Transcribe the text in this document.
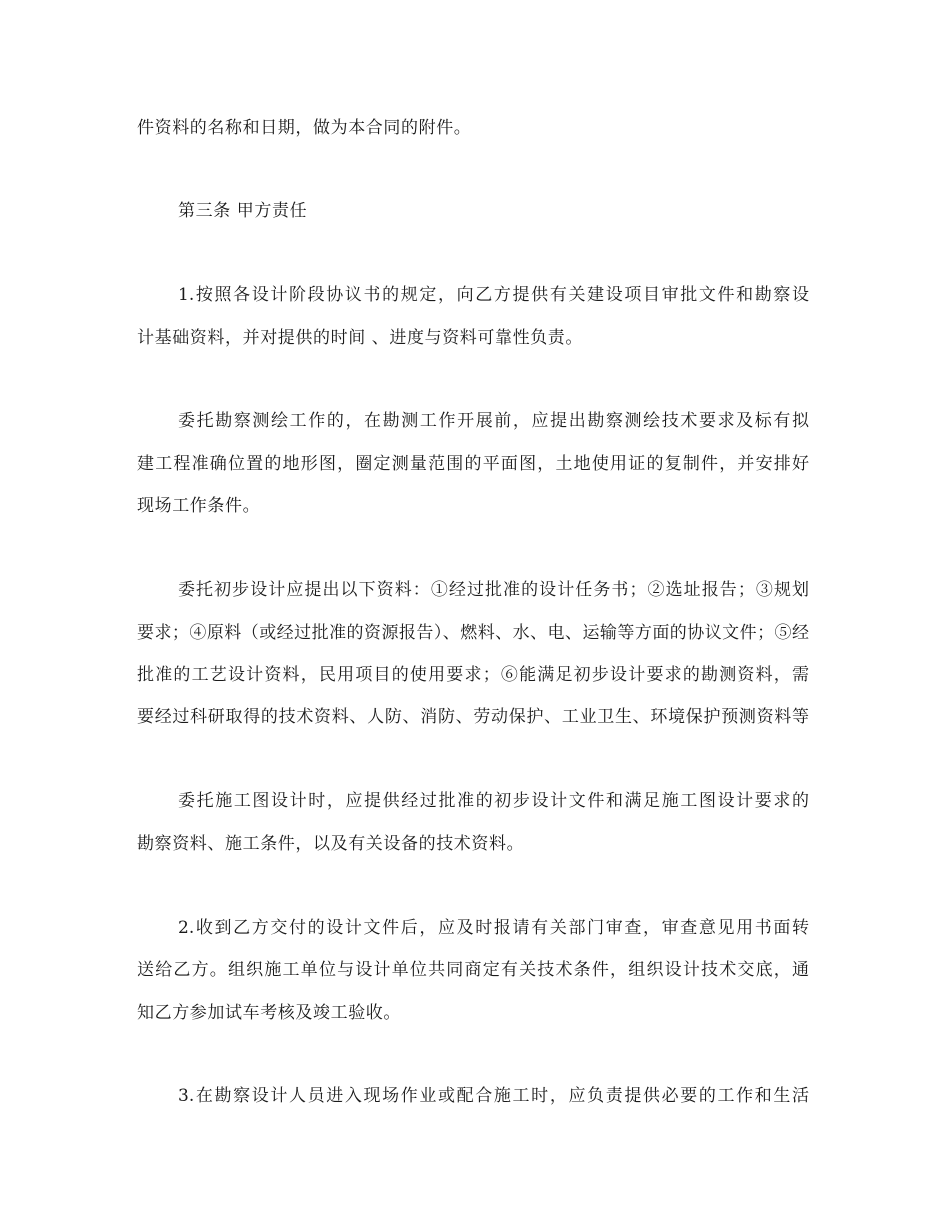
件资料的名称和日期，做为本合同的附件。
第三条 甲方责任
1.按照各设计阶段协议书的规定，向乙方提供有关建设项目审批文件和勘察设
计基础资料，并对提供的时间 、进度与资料可靠性负责。
委托勘察测绘工作的，在勘测工作开展前，应提出勘察测绘技术要求及标有拟
建工程准确位置的地形图，圈定测量范围的平面图，土地使用证的复制件，并安排好
现场工作条件。
委托初步设计应提出以下资料：①经过批准的设计任务书；②选址报告；③规划
要求；④原料（或经过批准的资源报告）、燃料、水、电、运输等方面的协议文件；⑤经
批准的工艺设计资料，民用项目的使用要求；⑥能满足初步设计要求的勘测资料，需
要经过科研取得的技术资料、人防、消防、劳动保护、工业卫生、环境保护预测资料等
委托施工图设计时，应提供经过批准的初步设计文件和满足施工图设计要求的
勘察资料、施工条件，以及有关设备的技术资料。
2.收到乙方交付的设计文件后，应及时报请有关部门审查，审查意见用书面转
送给乙方。组织施工单位与设计单位共同商定有关技术条件，组织设计技术交底，通
知乙方参加试车考核及竣工验收。
3.在勘察设计人员进入现场作业或配合施工时，应负责提供必要的工作和生活
